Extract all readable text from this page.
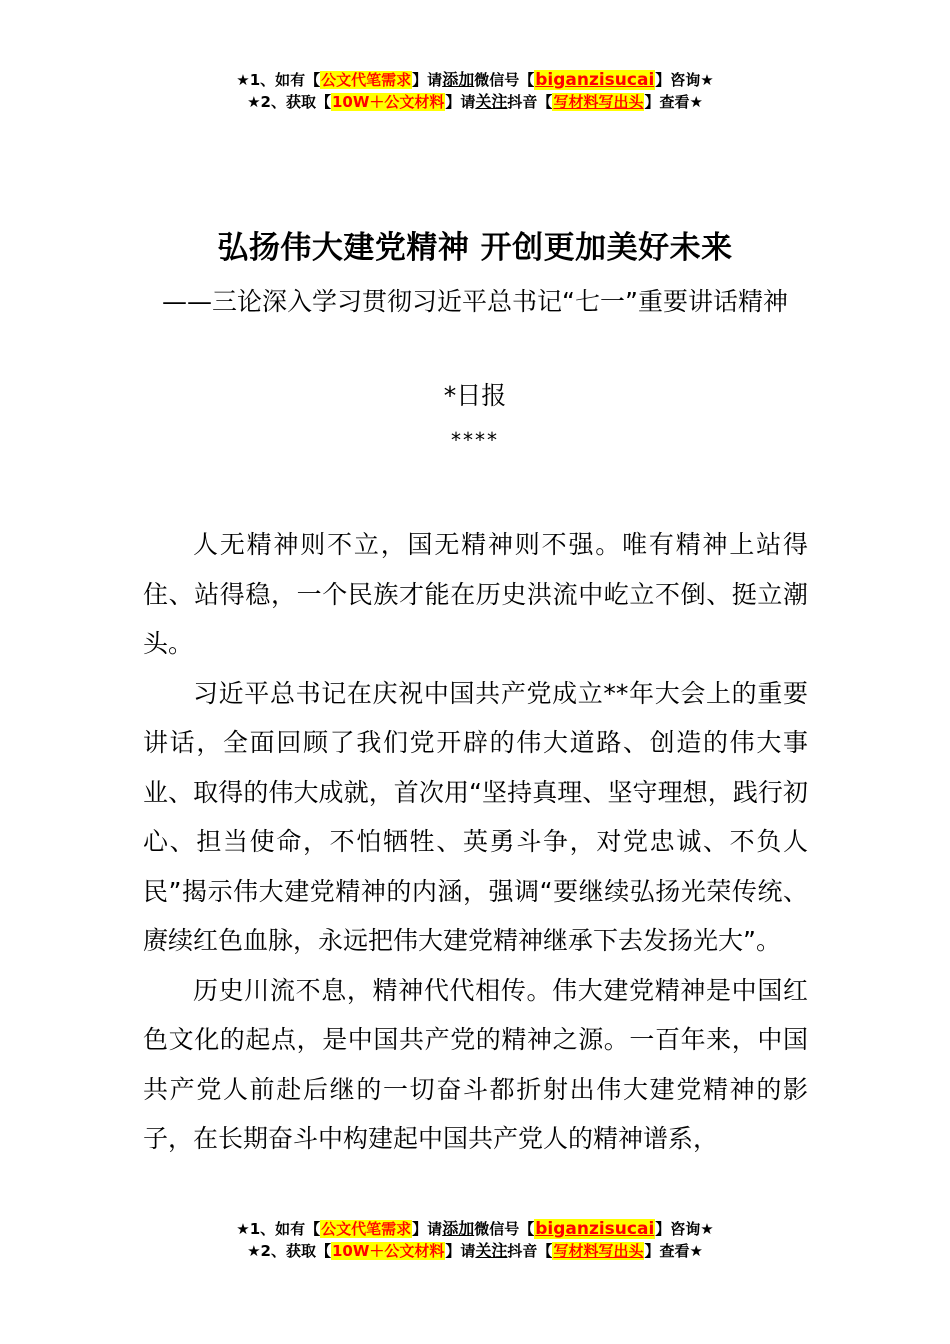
★1、如有【公文代笔需求】请添加微信号【biganzisucai】咨询★
★2、获取【10W＋公文材料】请关注抖音【写材料写出头】查看★
弘扬伟大建党精神 开创更加美好未来
——三论深入学习贯彻习近平总书记“七一”重要讲话精神
*日报
****

人无精神则不立，国无精神则不强。唯有精神上站得住、站得稳，一个民族才能在历史洪流中屹立不倒、挺立潮头。

习近平总书记在庆祝中国共产党成立**年大会上的重要讲话，全面回顾了我们党开辟的伟大道路、创造的伟大事业、取得的伟大成就，首次用“坚持真理、坚守理想，践行初心、担当使命，不怕牺牲、英勇斗争，对党忠诚、不负人民”揭示伟大建党精神的内涵，强调“要继续弘扬光荣传统、赓续红色血脉，永远把伟大建党精神继承下去发扬光大”。

历史川流不息，精神代代相传。伟大建党精神是中国红色文化的起点，是中国共产党的精神之源。一百年来，中国共产党人前赴后继的一切奋斗都折射出伟大建党精神的影子，在长期奋斗中构建起中国共产党人的精神谱系，

★1、如有【公文代笔需求】请添加微信号【biganzisucai】咨询★
★2、获取【10W＋公文材料】请关注抖音【写材料写出头】查看★
